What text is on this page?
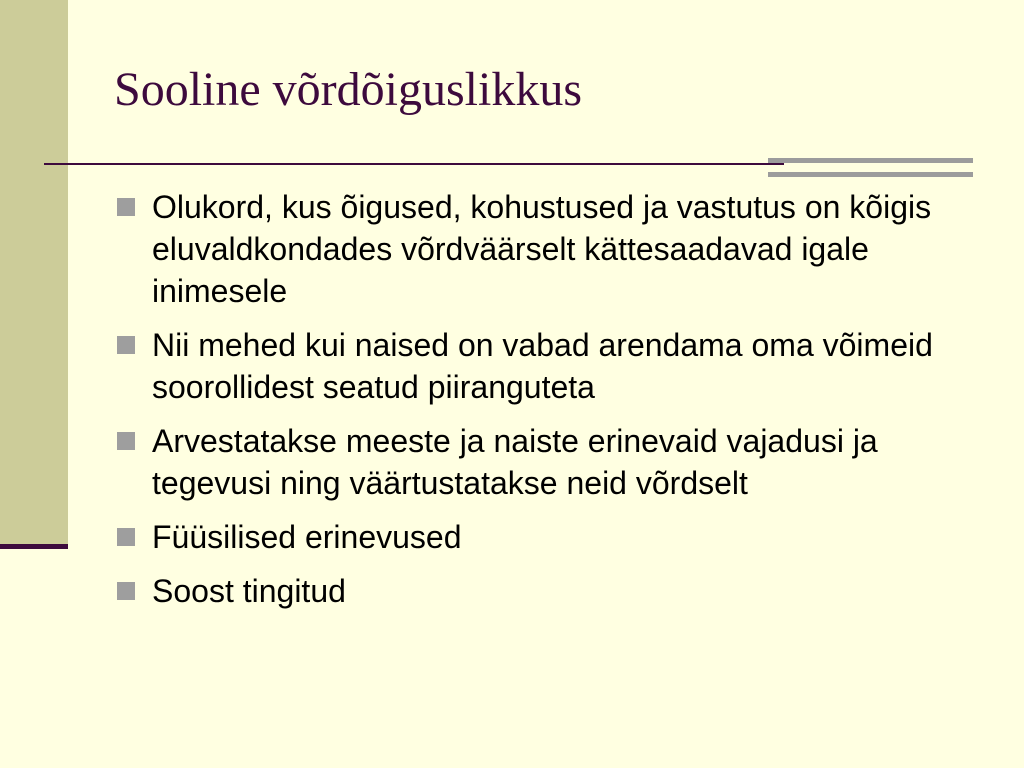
Sooline võrdõiguslikkus
Olukord, kus õigused, kohustused ja vastutus on kõigis eluvaldkondades võrdväärselt kättesaadavad igale inimesele
Nii mehed kui naised on vabad arendama oma võimeid soorollidest seatud piiranguteta
Arvestatakse meeste ja naiste erinevaid vajadusi ja tegevusi ning väärtustatakse neid võrdselt
Füüsilised erinevused
Soost tingitud
